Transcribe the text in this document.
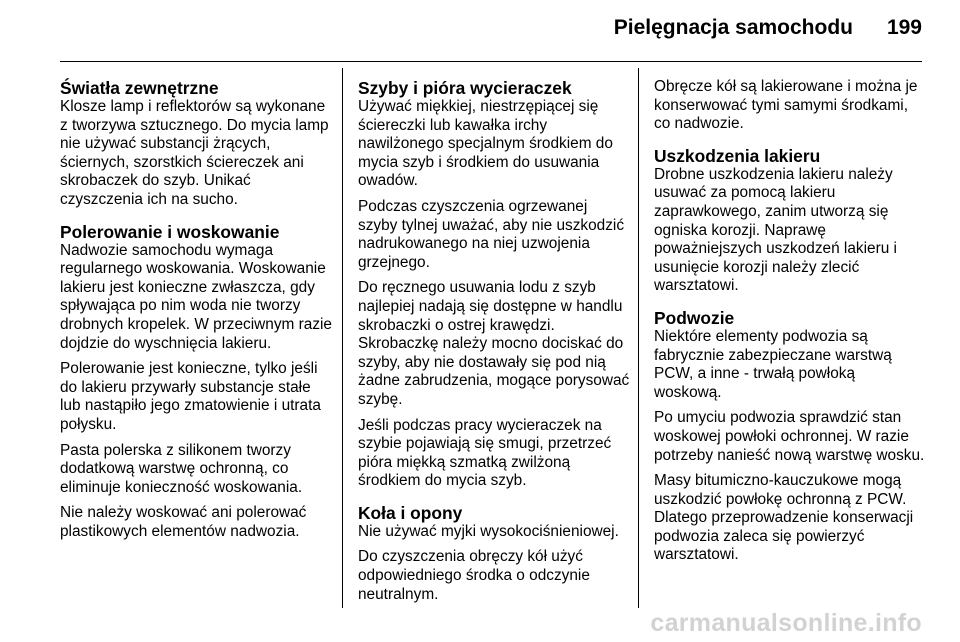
Pielęgnacja samochodu 199
Światła zewnętrzne

Klosze lamp i reflektorów są wykonane z tworzywa sztucznego. Do mycia lamp nie używać substancji żrących, ściernych, szorstkich ściereczek ani skrobaczek do szyb. Unikać czyszczenia ich na sucho.

Polerowanie i woskowanie

Nadwozie samochodu wymaga regularnego woskowania. Woskowanie lakieru jest konieczne zwłaszcza, gdy spływająca po nim woda nie tworzy drobnych kropelek. W przeciwnym razie dojdzie do wyschnięcia lakieru.

Polerowanie jest konieczne, tylko jeśli do lakieru przywarły substancje stałe lub nastąpiło jego zmatowienie i utrata połysku.

Pasta polerska z silikonem tworzy dodatkową warstwę ochronną, co eliminuje konieczność woskowania.

Nie należy woskować ani polerować plastikowych elementów nadwozia.

Szyby i pióra wycieraczek

Używać miękkiej, niestrzępiącej się ściereczki lub kawałka irchy nawilżonego specjalnym środkiem do mycia szyb i środkiem do usuwania owadów.

Podczas czyszczenia ogrzewanej szyby tylnej uważać, aby nie uszkodzić nadrukowanego na niej uzwojenia grzejnego.

Do ręcznego usuwania lodu z szyb najlepiej nadają się dostępne w handlu skrobaczki o ostrej krawędzi. Skrobaczkę należy mocno dociskać do szyby, aby nie dostawały się pod nią żadne zabrudzenia, mogące porysować szybę.

Jeśli podczas pracy wycieraczek na szybie pojawiają się smugi, przetrzeć pióra miękką szmatką zwilżoną środkiem do mycia szyb.

Koła i opony

Nie używać myjki wysokociśnieniowej.

Do czyszczenia obręczy kół użyć odpowiedniego środka o odczynie neutralnym.

Obręcze kół są lakierowane i można je konserwować tymi samymi środkami, co nadwozie.

Uszkodzenia lakieru

Drobne uszkodzenia lakieru należy usuwać za pomocą lakieru zaprawkowego, zanim utworzą się ogniska korozji. Naprawę poważniejszych uszkodzeń lakieru i usunięcie korozji należy zlecić warsztatowi.

Podwozie

Niektóre elementy podwozia są fabrycznie zabezpieczane warstwą PCW, a inne - trwałą powłoką woskową.

Po umyciu podwozia sprawdzić stan woskowej powłoki ochronnej. W razie potrzeby nanieść nową warstwę wosku.

Masy bitumiczno-kauczukowe mogą uszkodzić powłokę ochronną z PCW. Dlatego przeprowadzenie konserwacji podwozia zaleca się powierzyć warsztatowi.

carmanualsonline.info
